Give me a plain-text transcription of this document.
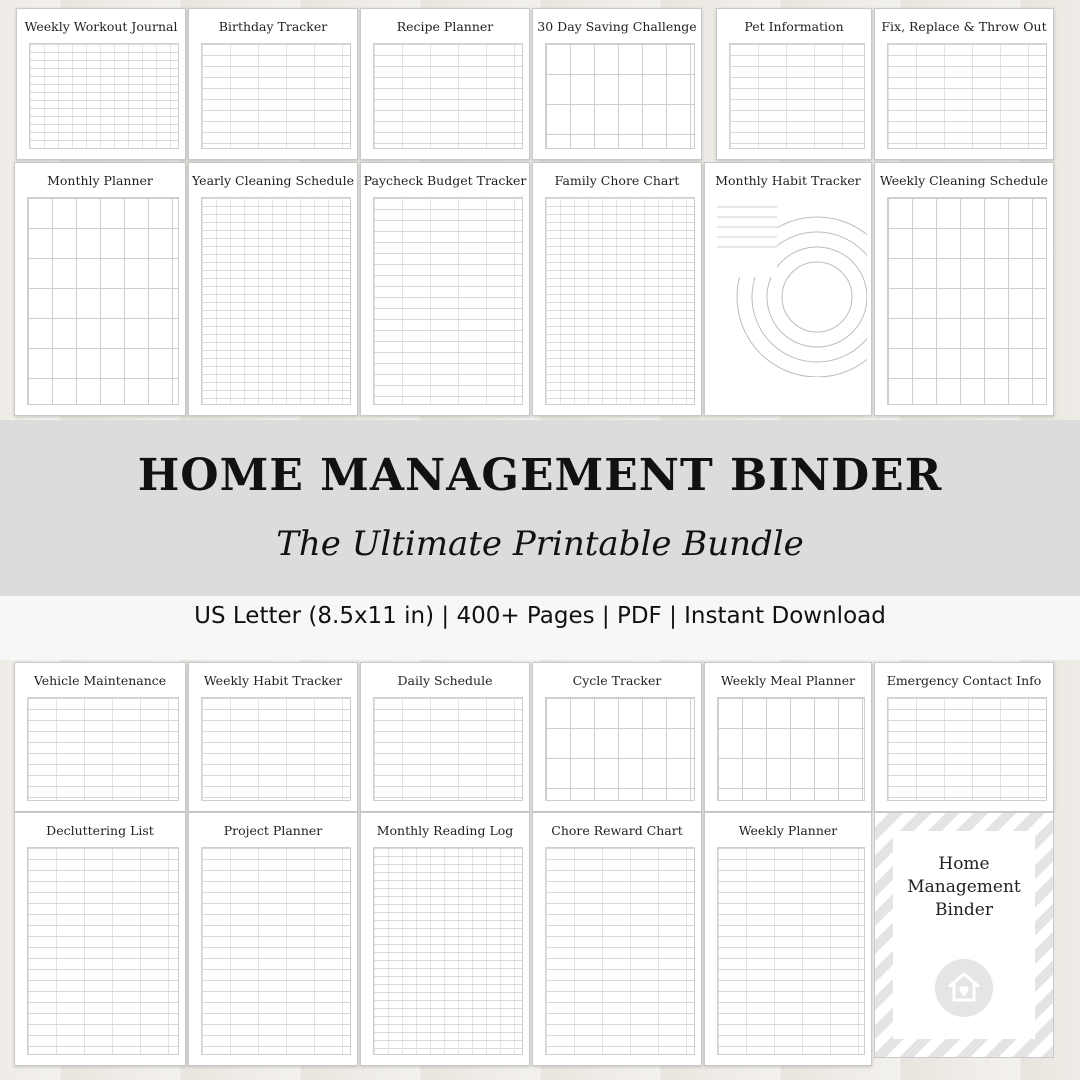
Weekly Workout Journal	Birthday Tracker	Recipe Planner	30 Day Saving Challenge	Pet Information	Fix, Replace & Throw Out
Monthly Planner	Yearly Cleaning Schedule Paycheck Budget Tracker	Family Chore Chart	Monthly Habit Tracker	Weekly Cleaning Schedule
HOME MANAGEMENT BINDER
The Ultimate Printable Bundle
US Letter (8.5x11 in) | 400+ Pages | PDF | Instant Download
Vehicle Maintenance	Weekly Habit Tracker	Daily Schedule	Cycle Tracker	Weekly Meal Planner	Emergency Contact Info
Decluttering List	Project Planner	Monthly Reading Log	Chore Reward Chart	Weekly Planner
Home
Management
Binder
